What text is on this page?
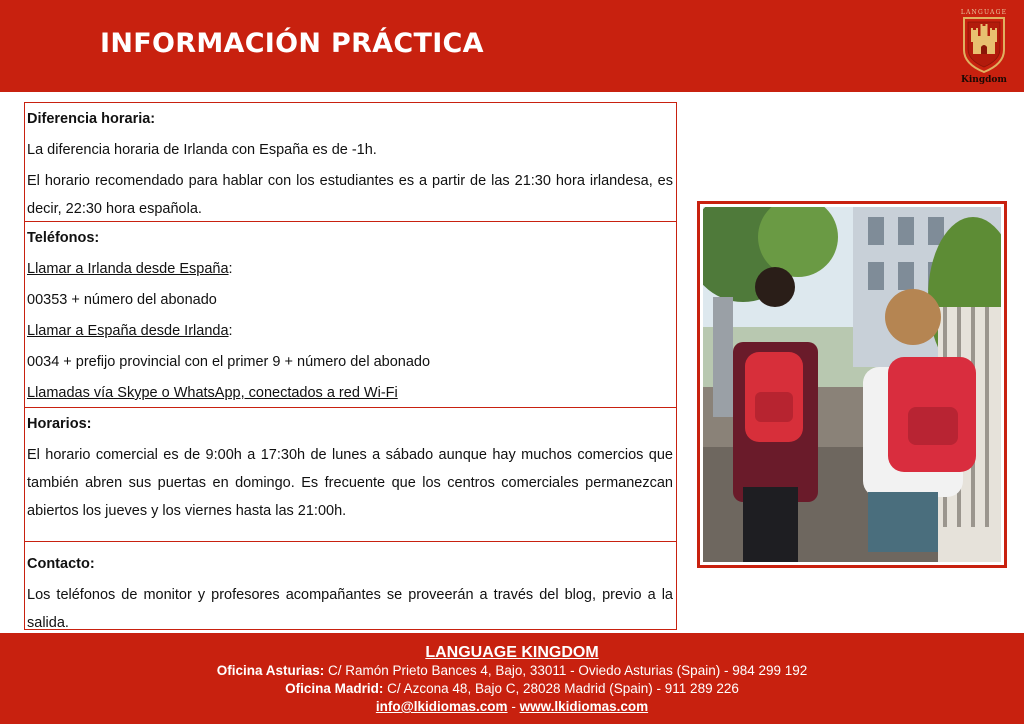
INFORMACIÓN PRÁCTICA
LANGUAGE
Kingdom

Diferencia horaria:

La diferencia horaria de Irlanda con España es de -1h.

El horario recomendado para hablar con los estudiantes es a partir de las 21:30 hora irlandesa, es decir, 22:30 hora española.

Teléfonos:

Llamar a Irlanda desde España:

00353 + número del abonado

Llamar a España desde Irlanda:

0034 + prefijo provincial con el primer 9 + número del abonado

Llamadas vía Skype o WhatsApp, conectados a red Wi-Fi

Horarios:

El horario comercial es de 9:00h a 17:30h de lunes a sábado aunque hay muchos comercios que también abren sus puertas en domingo. Es frecuente que los centros comerciales permanezcan abiertos los jueves y los viernes hasta las 21:00h.

Contacto:

Los teléfonos de monitor y profesores acompañantes se proveerán a través del blog, previo a la salida.

LANGUAGE KINGDOM
Oficina Asturias: C/ Ramón Prieto Bances 4, Bajo, 33011 - Oviedo Asturias (Spain) - 984 299 192
Oficina Madrid: C/ Azcona 48, Bajo C, 28028 Madrid (Spain) - 911 289 226
info@lkidiomas.com - www.lkidiomas.com
